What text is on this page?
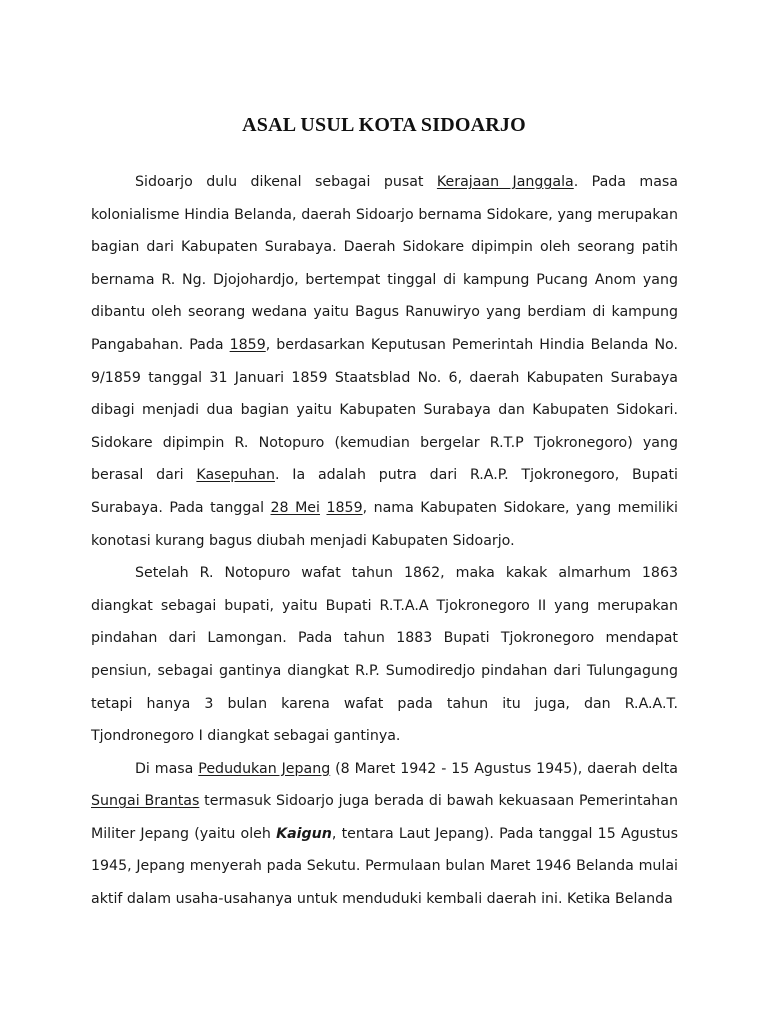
ASAL USUL KOTA SIDOARJO

Sidoarjo dulu dikenal sebagai pusat Kerajaan Janggala. Pada masa kolonialisme Hindia Belanda, daerah Sidoarjo bernama Sidokare, yang merupakan bagian dari Kabupaten Surabaya. Daerah Sidokare dipimpin oleh seorang patih bernama R. Ng. Djojohardjo, bertempat tinggal di kampung Pucang Anom yang dibantu oleh seorang wedana yaitu Bagus Ranuwiryo yang berdiam di kampung Pangabahan. Pada 1859, berdasarkan Keputusan Pemerintah Hindia Belanda No. 9/1859 tanggal 31 Januari 1859 Staatsblad No. 6, daerah Kabupaten Surabaya dibagi menjadi dua bagian yaitu Kabupaten Surabaya dan Kabupaten Sidokari. Sidokare dipimpin R. Notopuro (kemudian bergelar R.T.P Tjokronegoro) yang berasal dari Kasepuhan. Ia adalah putra dari R.A.P. Tjokronegoro, Bupati Surabaya. Pada tanggal 28 Mei 1859, nama Kabupaten Sidokare, yang memiliki konotasi kurang bagus diubah menjadi Kabupaten Sidoarjo.

Setelah R. Notopuro wafat tahun 1862, maka kakak almarhum 1863 diangkat sebagai bupati, yaitu Bupati R.T.A.A Tjokronegoro II yang merupakan pindahan dari Lamongan. Pada tahun 1883 Bupati Tjokronegoro mendapat pensiun, sebagai gantinya diangkat R.P. Sumodiredjo pindahan dari Tulungagung tetapi hanya 3 bulan karena wafat pada tahun itu juga, dan R.A.A.T. Tjondronegoro I diangkat sebagai gantinya.

Di masa Pedudukan Jepang (8 Maret 1942 - 15 Agustus 1945), daerah delta Sungai Brantas termasuk Sidoarjo juga berada di bawah kekuasaan Pemerintahan Militer Jepang (yaitu oleh Kaigun, tentara Laut Jepang). Pada tanggal 15 Agustus 1945, Jepang menyerah pada Sekutu. Permulaan bulan Maret 1946 Belanda mulai aktif dalam usaha-usahanya untuk menduduki kembali daerah ini. Ketika Belanda
